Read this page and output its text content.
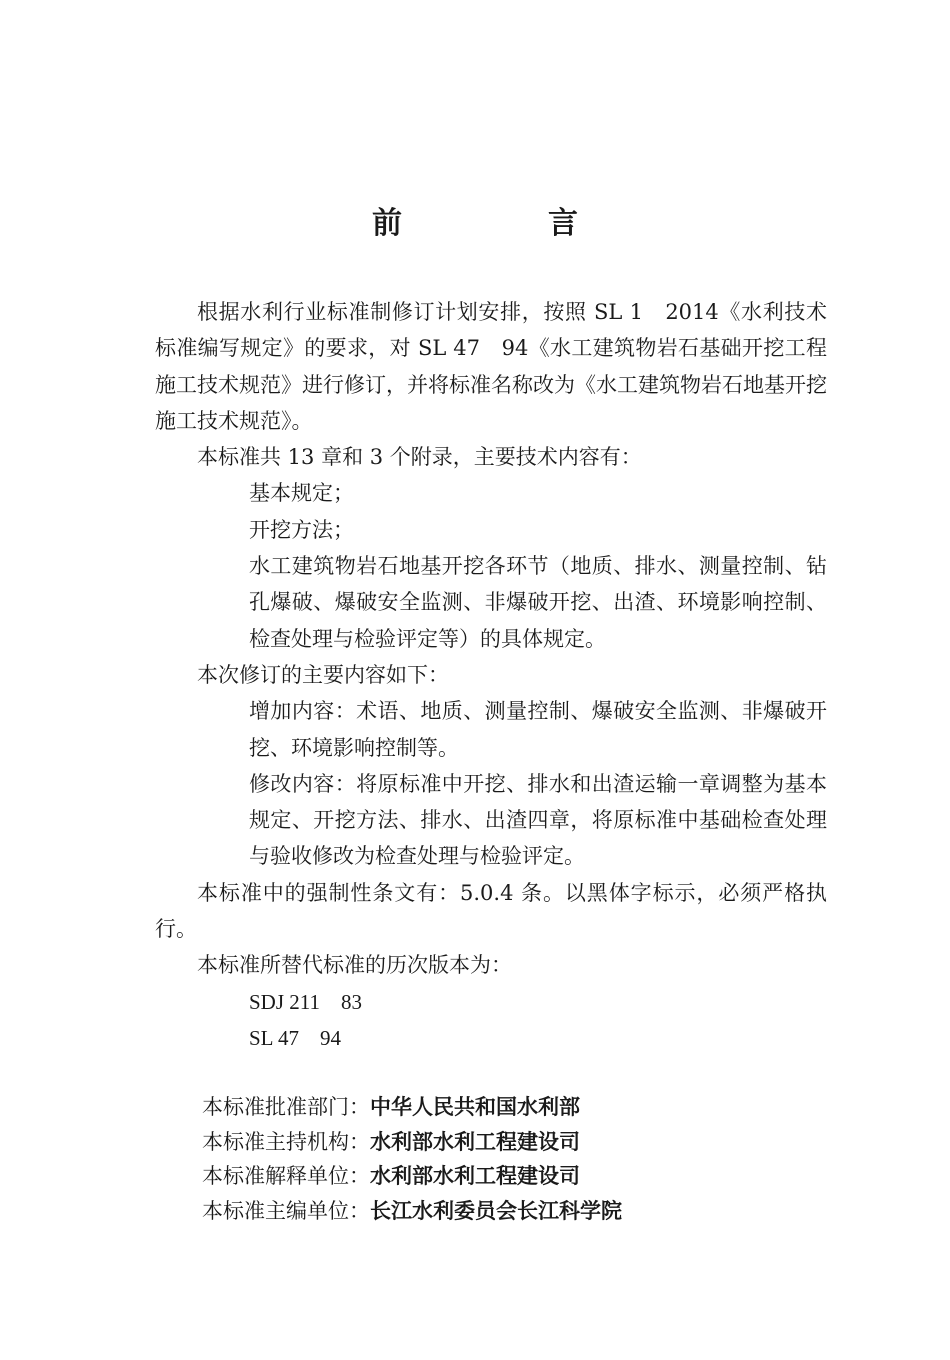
前　言

根据水利行业标准制修订计划安排，按照 SL 1　2014《水利技术标准编写规定》的要求，对 SL 47　94《水工建筑物岩石基础开挖工程施工技术规范》进行修订，并将标准名称改为《水工建筑物岩石地基开挖施工技术规范》。

本标准共 13 章和 3 个附录，主要技术内容有：

基本规定；

开挖方法；

水工建筑物岩石地基开挖各环节（地质、排水、测量控制、钻孔爆破、爆破安全监测、非爆破开挖、出渣、环境影响控制、检查处理与检验评定等）的具体规定。

本次修订的主要内容如下：

增加内容：术语、地质、测量控制、爆破安全监测、非爆破开挖、环境影响控制等。

修改内容：将原标准中开挖、排水和出渣运输一章调整为基本规定、开挖方法、排水、出渣四章，将原标准中基础检查处理与验收修改为检查处理与检验评定。

本标准中的强制性条文有：5.0.4 条。以黑体字标示，必须严格执行。

本标准所替代标准的历次版本为：

SDJ 211　83

SL 47　94

本标准批准部门：中华人民共和国水利部
本标准主持机构：水利部水利工程建设司
本标准解释单位：水利部水利工程建设司
本标准主编单位：长江水利委员会长江科学院
